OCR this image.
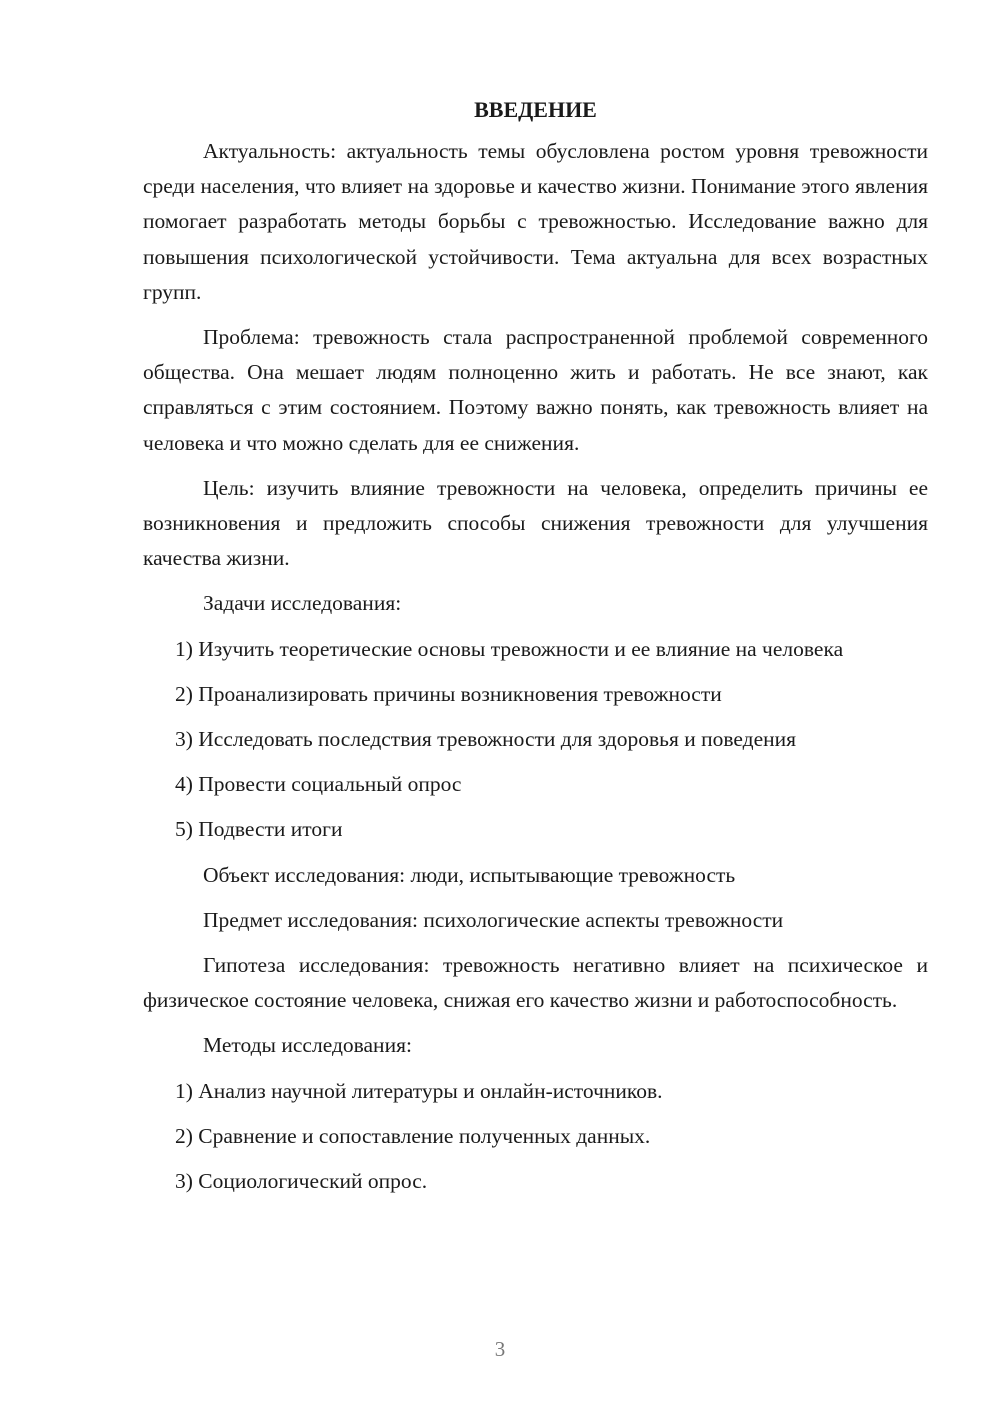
ВВЕДЕНИЕ

Актуальность: актуальность темы обусловлена ростом уровня тревожности среди населения, что влияет на здоровье и качество жизни. Понимание этого явления помогает разработать методы борьбы с тревожностью. Исследование важно для повышения психологической устойчивости. Тема актуальна для всех возрастных групп.

Проблема: тревожность стала распространенной проблемой современного общества. Она мешает людям полноценно жить и работать. Не все знают, как справляться с этим состоянием. Поэтому важно понять, как тревожность влияет на человека и что можно сделать для ее снижения.

Цель: изучить влияние тревожности на человека, определить причины ее возникновения и предложить способы снижения тревожности для улучшения качества жизни.

Задачи исследования:

1) Изучить теоретические основы тревожности и ее влияние на человека

2) Проанализировать причины возникновения тревожности

3) Исследовать последствия тревожности для здоровья и поведения

4) Провести социальный опрос

5) Подвести итоги

Объект исследования: люди, испытывающие тревожность

Предмет исследования: психологические аспекты тревожности

Гипотеза исследования: тревожность негативно влияет на психическое и физическое состояние человека, снижая его качество жизни и работоспособность.

Методы исследования:

1) Анализ научной литературы и онлайн-источников.

2) Сравнение и сопоставление полученных данных.

3) Социологический опрос.

3
